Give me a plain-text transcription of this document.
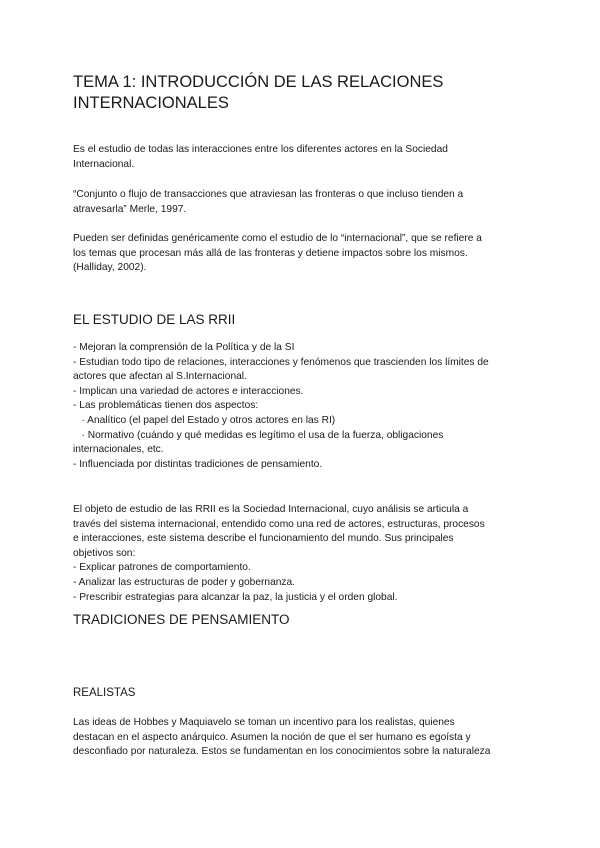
TEMA 1: INTRODUCCIÓN DE LAS RELACIONES
INTERNACIONALES

Es el estudio de todas las interacciones entre los diferentes actores en la Sociedad
Internacional.

“Conjunto o flujo de transacciones que atraviesan las fronteras o que incluso tienden a
atravesarla” Merle, 1997.

Pueden ser definidas genéricamente como el estudio de lo “internacional”, que se refiere a
los temas que procesan más allá de las fronteras y detiene impactos sobre los mismos.
(Halliday, 2002).

EL ESTUDIO DE LAS RRII

- Mejoran la comprensión de la Política y de la SI
- Estudian todo tipo de relaciones, interacciones y fenómenos que trascienden los límites de
actores que afectan al S.Internacional.
- Implican una variedad de actores e interacciones.
- Las problemáticas tienen dos aspectos:
· Analítico (el papel del Estado y otros actores en las RI)
· Normativo (cuándo y qué medidas es legítimo el usa de la fuerza, obligaciones
internacionales, etc.
- Influenciada por distintas tradiciones de pensamiento.

El objeto de estudio de las RRII es la Sociedad Internacional, cuyo análisis se articula a
través del sistema internacional, entendido como una red de actores, estructuras, procesos
e interacciones, este sistema describe el funcionamiento del mundo. Sus principales
objetivos son:
- Explicar patrones de comportamiento.
- Analizar las estructuras de poder y gobernanza.
- Prescribir estrategias para alcanzar la paz, la justicia y el orden global.

TRADICIONES DE PENSAMIENTO
REALISTAS

Las ideas de Hobbes y Maquiavelo se toman un incentivo para los realistas, quienes
destacan en el aspecto anárquico. Asumen la noción de que el ser humano es egoísta y
desconfiado por naturaleza. Estos se fundamentan en los conocimientos sobre la naturaleza
